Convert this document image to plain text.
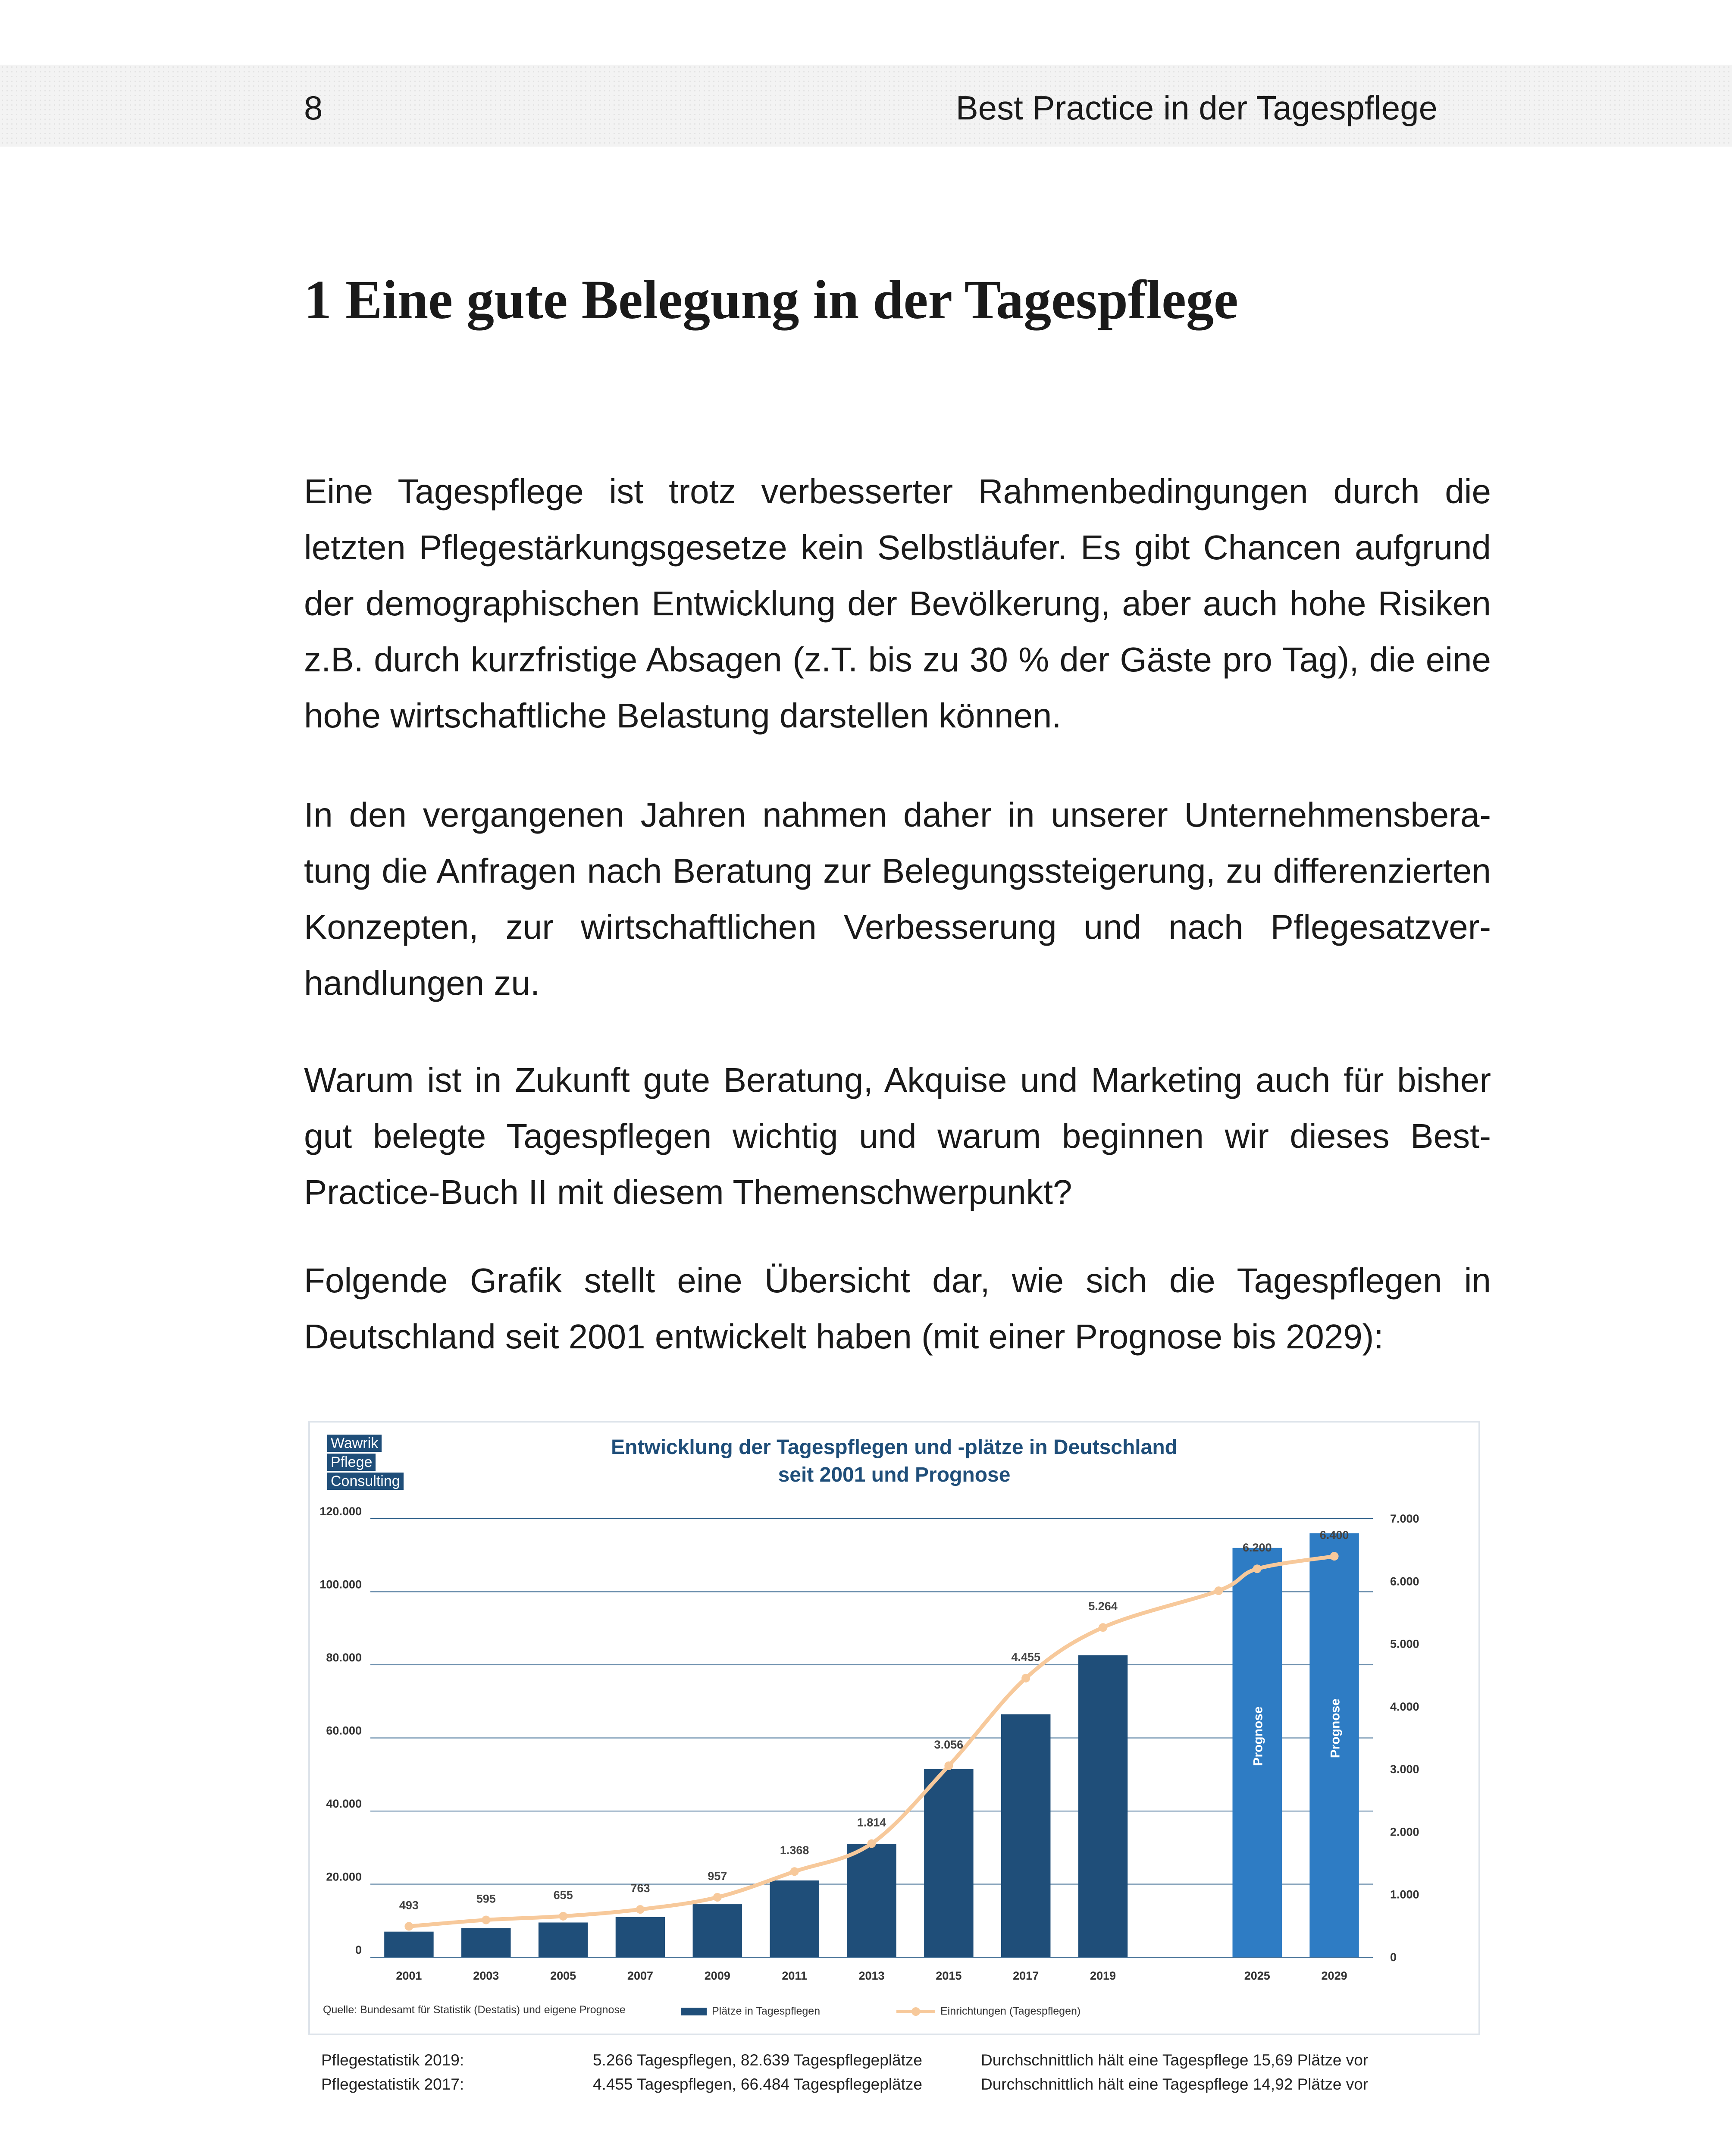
8	Best Practice in der Tagespflege
1 Eine gute Belegung in der Tagespflege

Eine Tagespflege ist trotz verbesserter Rahmenbedingungen durch die letzten Pflegestärkungsgesetze kein Selbstläufer. Es gibt Chancen aufgrund der demographischen Entwicklung der Bevölkerung, aber auch hohe Risiken z.B. durch kurzfristige Absagen (z.T. bis zu 30 % der Gäste pro Tag), die eine hohe wirtschaftliche Belastung darstellen können.

In den vergangenen Jahren nahmen daher in unserer Unternehmensberatung die Anfragen nach Beratung zur Belegungssteigerung, zu differenzierten Konzepten, zur wirtschaftlichen Verbesserung und nach Pflegesatzverhandlungen zu.

Warum ist in Zukunft gute Beratung, Akquise und Marketing auch für bisher gut belegte Tagespflegen wichtig und warum beginnen wir dieses Best-Practice-Buch II mit diesem Themenschwerpunkt?

Folgende Grafik stellt eine Übersicht dar, wie sich die Tagespflegen in Deutschland seit 2001 entwickelt haben (mit einer Prognose bis 2029):

Wawrik
Pflege
Consulting
Entwicklung der Tagespflegen und -plätze in Deutschland
seit 2001 und Prognose
0
20.000
40.000
60.000
80.000
100.000
120.000
0
1.000
2.000
3.000
4.000
5.000
6.000
7.000
2001	2003	2005	2007	2009	2011	2013	2015	2017	2019
Prognose
2025
Prognose
2029
493	595	655
763
957
1.368
1.814
3.056
4.455
5.264
6.200
6.400
Quelle: Bundesamt für Statistik (Destatis) und eigene Prognose	Plätze in Tagespflegen	Einrichtungen (Tagespflegen)
Pflegestatistik 2019:	5.266 Tagespflegen, 82.639 Tagespflegeplätze	Durchschnittlich hält eine Tagespflege 15,69 Plätze vor
Pflegestatistik 2017:	4.455 Tagespflegen, 66.484 Tagespflegeplätze	Durchschnittlich hält eine Tagespflege 14,92 Plätze vor
